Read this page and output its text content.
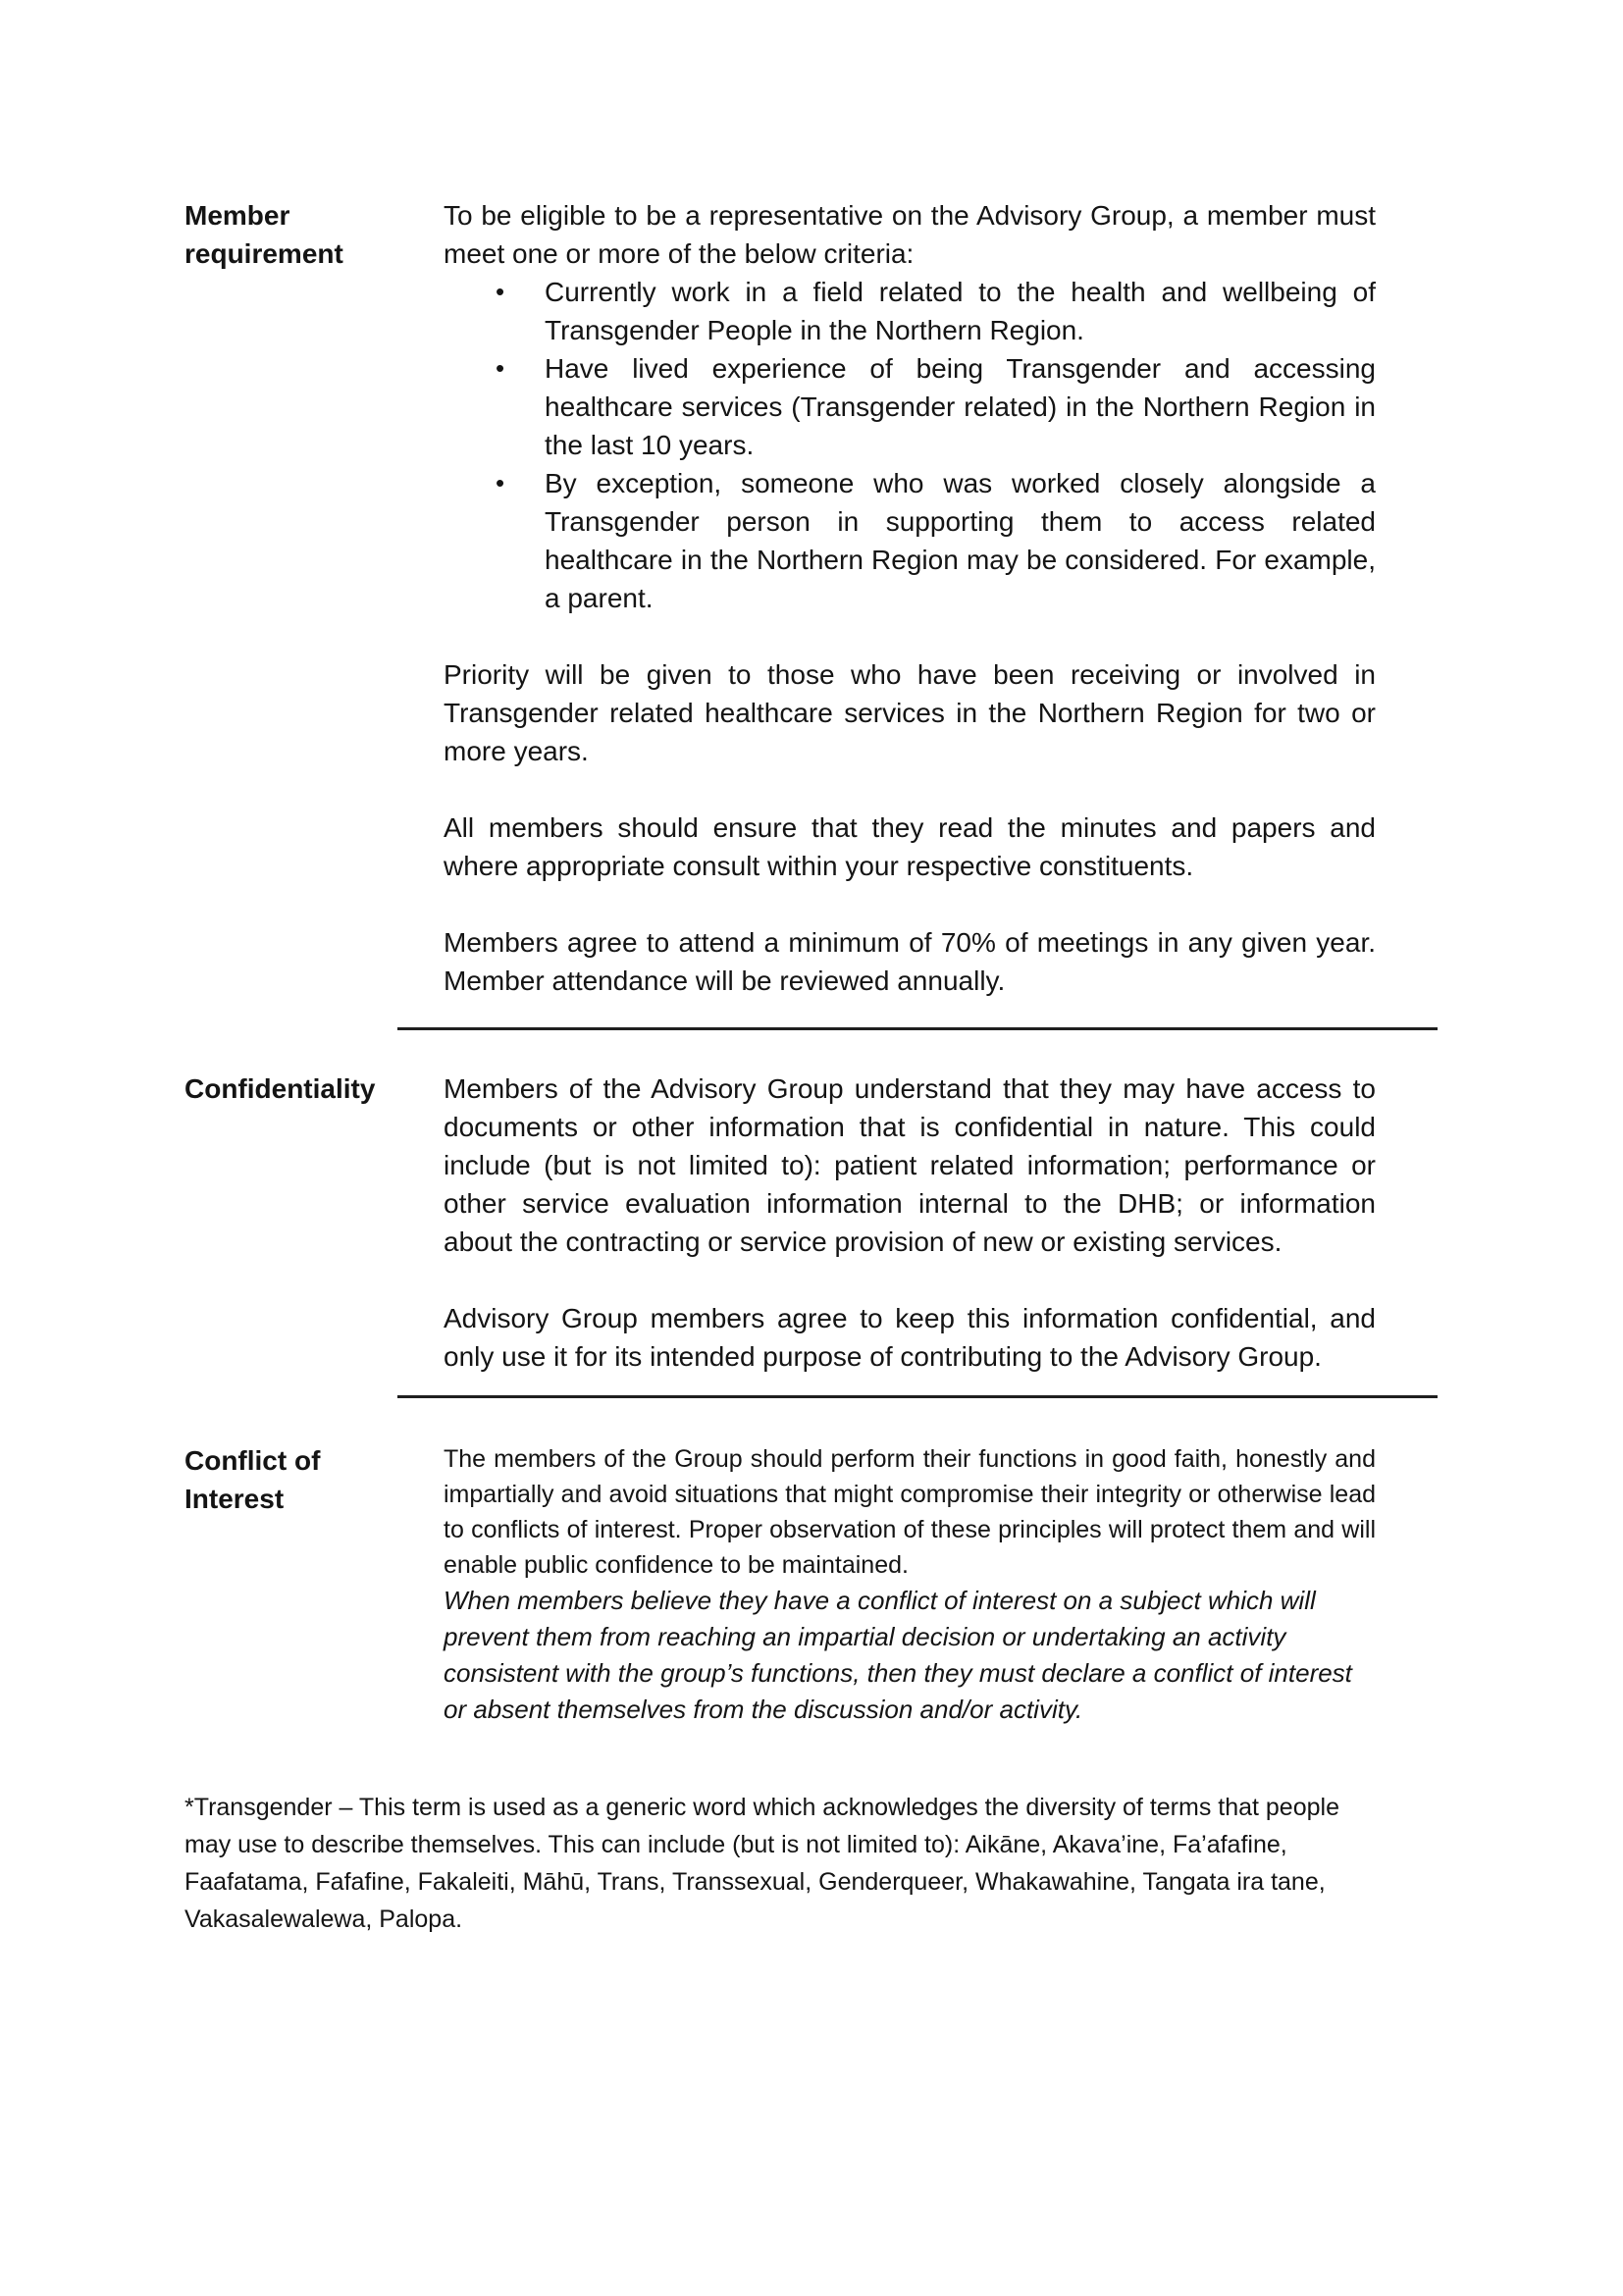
Member requirement

To be eligible to be a representative on the Advisory Group, a member must meet one or more of the below criteria:

• Currently work in a field related to the health and wellbeing of Transgender People in the Northern Region.

• Have lived experience of being Transgender and accessing healthcare services (Transgender related) in the Northern Region in the last 10 years.

• By exception, someone who was worked closely alongside a Transgender person in supporting them to access related healthcare in the Northern Region may be considered. For example, a parent.

Priority will be given to those who have been receiving or involved in Transgender related healthcare services in the Northern Region for two or more years.

All members should ensure that they read the minutes and papers and where appropriate consult within your respective constituents.

Members agree to attend a minimum of 70% of meetings in any given year. Member attendance will be reviewed annually.

Confidentiality	Members of the Advisory Group understand that they may have access to documents or other information that is confidential in nature. This could include (but is not limited to): patient related information; performance or other service evaluation information internal to the DHB; or information about the contracting or service provision of new or existing services.

Advisory Group members agree to keep this information confidential, and only use it for its intended purpose of contributing to the Advisory Group.

Conflict of Interest

The members of the Group should perform their functions in good faith, honestly and impartially and avoid situations that might compromise their integrity or otherwise lead to conflicts of interest. Proper observation of these principles will protect them and will enable public confidence to be maintained.

When members believe they have a conflict of interest on a subject which will prevent them from reaching an impartial decision or undertaking an activity consistent with the group’s functions, then they must declare a conflict of interest or absent themselves from the discussion and/or activity.

*Transgender – This term is used as a generic word which acknowledges the diversity of terms that people may use to describe themselves. This can include (but is not limited to): Aikāne, Akava’ine, Fa’afafine, Faafatama, Fafafine, Fakaleiti, Māhū, Trans, Transsexual, Genderqueer, Whakawahine, Tangata ira tane, Vakasalewalewa, Palopa.
